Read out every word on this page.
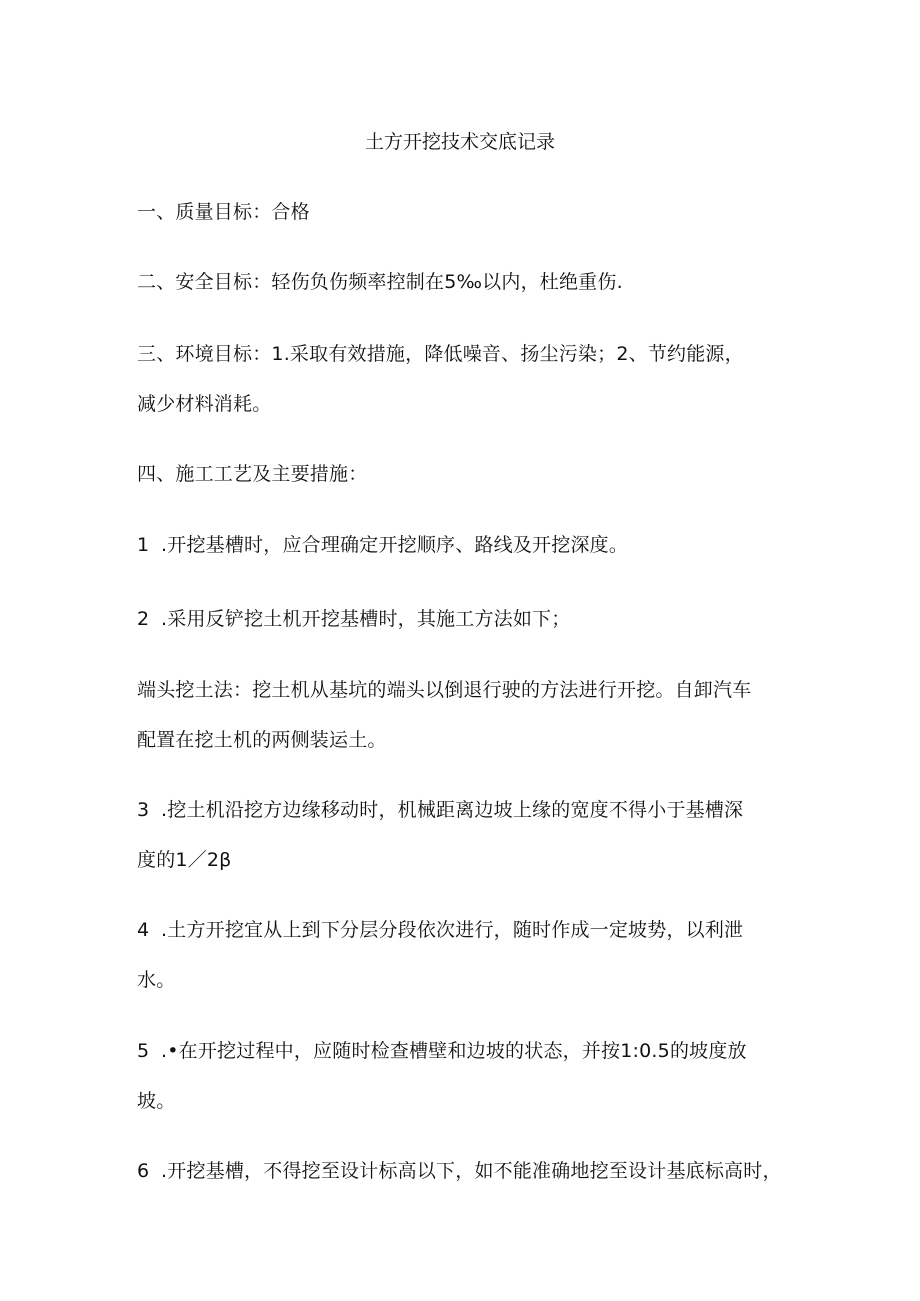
土方开挖技术交底记录
一、质量目标：合格
二、安全目标：轻伤负伤频率控制在5‰以内，杜绝重伤.
三、环境目标：1.采取有效措施，降低噪音、扬尘污染；2、节约能源，
减少材料消耗。
四、施工工艺及主要措施：
1 .开挖基槽时，应合理确定开挖顺序、路线及开挖深度。
2 .采用反铲挖土机开挖基槽时，其施工方法如下；
端头挖土法：挖土机从基坑的端头以倒退行驶的方法进行开挖。自卸汽车
配置在挖土机的两侧装运土。
3 .挖土机沿挖方边缘移动时，机械距离边坡上缘的宽度不得小于基槽深
度的1／2β
4 .土方开挖宜从上到下分层分段依次进行，随时作成一定坡势，以利泄
水。
5 .•在开挖过程中，应随时检查槽壁和边坡的状态，并按1:0.5的坡度放
坡。
6 .开挖基槽，不得挖至设计标高以下，如不能准确地挖至设计基底标高时，
